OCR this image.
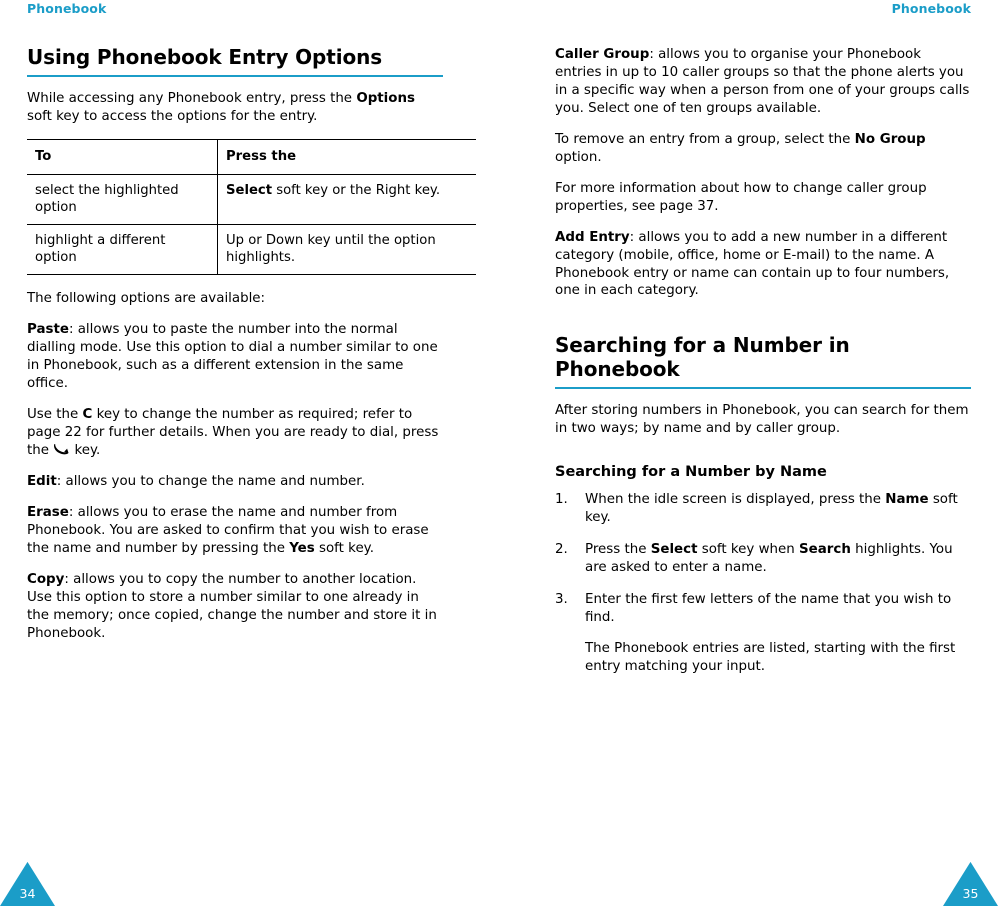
Phonebook
Using Phonebook Entry Options

While accessing any Phonebook entry, press the Options soft key to access the options for the entry.

To	Press the
select the highlighted option	Select soft key or the Right key.
highlight a different option	Up or Down key until the option highlights.

The following options are available:

Paste: allows you to paste the number into the normal dialling mode. Use this option to dial a number similar to one in Phonebook, such as a different extension in the same office.

Use the C key to change the number as required; refer to page 22 for further details. When you are ready to dial, press the  key.

Edit: allows you to change the name and number.

Erase: allows you to erase the name and number from Phonebook. You are asked to confirm that you wish to erase the name and number by pressing the Yes soft key.

Copy: allows you to copy the number to another location. Use this option to store a number similar to one already in the memory; once copied, change the number and store it in Phonebook.

34
Phonebook

Caller Group: allows you to organise your Phonebook entries in up to 10 caller groups so that the phone alerts you in a specific way when a person from one of your groups calls you. Select one of ten groups available.

To remove an entry from a group, select the No Group option.

For more information about how to change caller group properties, see page 37.

Add Entry: allows you to add a new number in a different category (mobile, office, home or E-mail) to the name. A Phonebook entry or name can contain up to four numbers, one in each category.

Searching for a Number in Phonebook

After storing numbers in Phonebook, you can search for them in two ways; by name and by caller group.

Searching for a Number by Name
1. When the idle screen is displayed, press the Name soft key.
2. Press the Select soft key when Search highlights. You are asked to enter a name.
3. Enter the first few letters of the name that you wish to find.
The Phonebook entries are listed, starting with the first entry matching your input.
35
